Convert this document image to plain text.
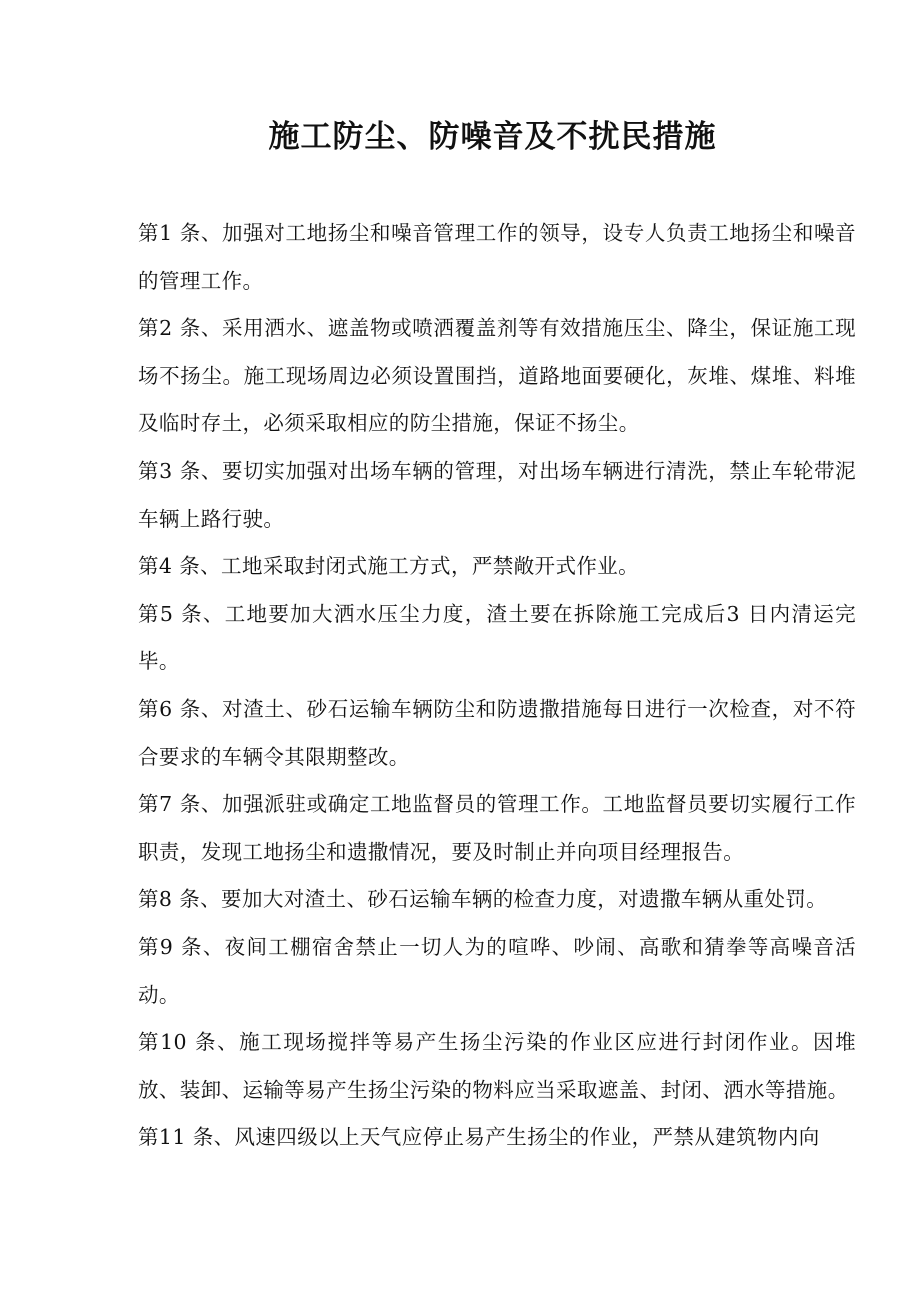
施工防尘、防噪音及不扰民措施

第1 条、加强对工地扬尘和噪音管理工作的领导，设专人负责工地扬尘和噪音的管理工作。

第2 条、采用洒水、遮盖物或喷洒覆盖剂等有效措施压尘、降尘，保证施工现场不扬尘。施工现场周边必须设置围挡，道路地面要硬化，灰堆、煤堆、料堆及临时存土，必须采取相应的防尘措施，保证不扬尘。

第3 条、要切实加强对出场车辆的管理，对出场车辆进行清洗，禁止车轮带泥车辆上路行驶。

第4 条、工地采取封闭式施工方式，严禁敞开式作业。

第5 条、工地要加大洒水压尘力度，渣土要在拆除施工完成后3 日内清运完毕。

第6 条、对渣土、砂石运输车辆防尘和防遗撒措施每日进行一次检查，对不符合要求的车辆令其限期整改。

第7 条、加强派驻或确定工地监督员的管理工作。工地监督员要切实履行工作职责，发现工地扬尘和遗撒情况，要及时制止并向项目经理报告。

第8 条、要加大对渣土、砂石运输车辆的检查力度，对遗撒车辆从重处罚。

第9 条、夜间工棚宿舍禁止一切人为的喧哗、吵闹、高歌和猜拳等高噪音活动。

第10 条、施工现场搅拌等易产生扬尘污染的作业区应进行封闭作业。因堆放、装卸、运输等易产生扬尘污染的物料应当采取遮盖、封闭、洒水等措施。

第11 条、风速四级以上天气应停止易产生扬尘的作业，严禁从建筑物内向
